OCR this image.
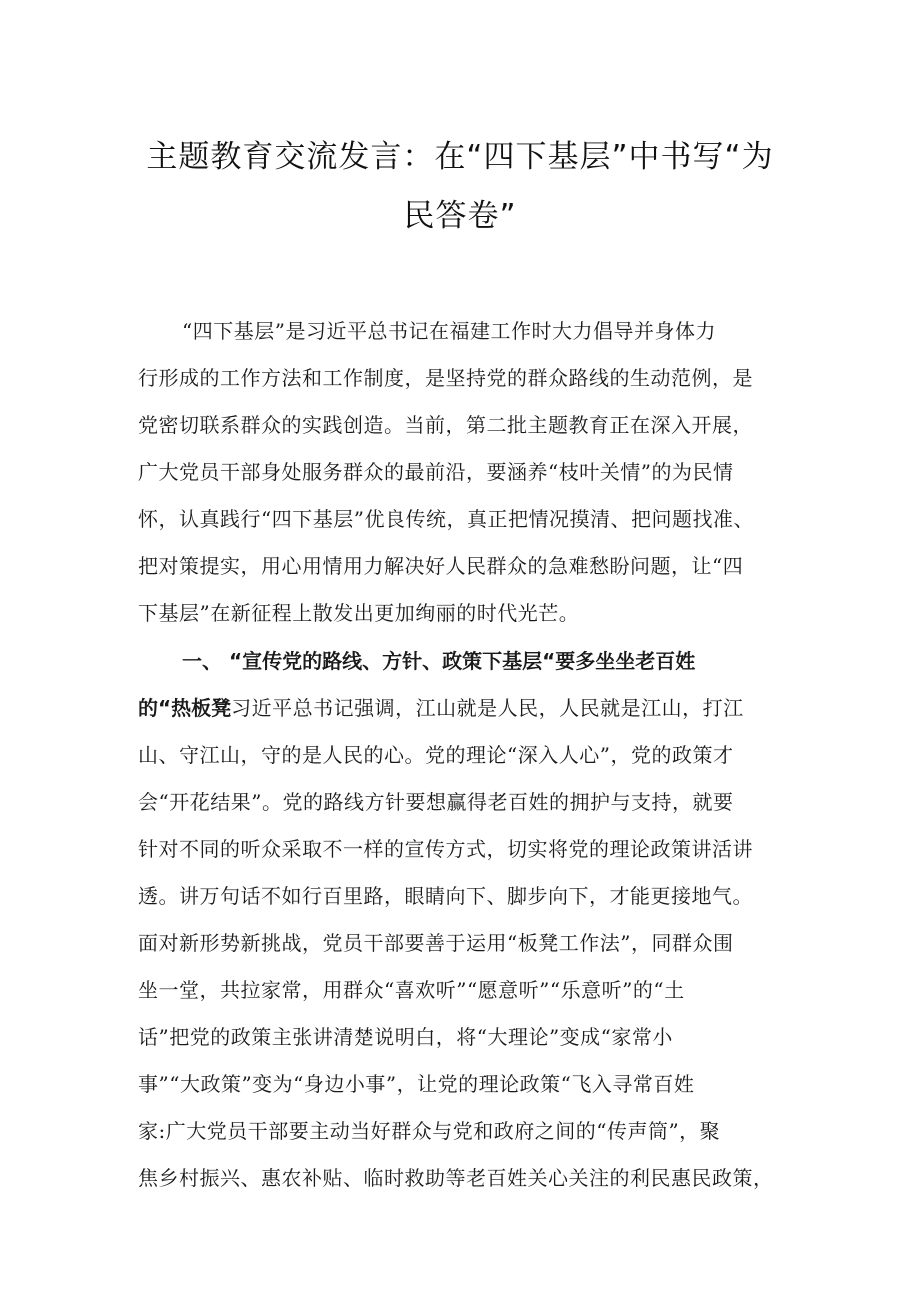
主题教育交流发言：在“四下基层”中书写“为
民答卷”
“四下基层”是习近平总书记在福建工作时大力倡导并身体力
行形成的工作方法和工作制度，是坚持党的群众路线的生动范例，是
党密切联系群众的实践创造。当前，第二批主题教育正在深入开展，
广大党员干部身处服务群众的最前沿，要涵养“枝叶关情”的为民情
怀，认真践行“四下基层”优良传统，真正把情况摸清、把问题找准、
把对策提实，用心用情用力解决好人民群众的急难愁盼问题，让“四
下基层”在新征程上散发出更加绚丽的时代光芒。
一、 “宣传党的路线、方针、政策下基层“要多坐坐老百姓
的“热板凳习近平总书记强调，江山就是人民，人民就是江山，打江
山、守江山，守的是人民的心。党的理论“深入人心”，党的政策才
会“开花结果”。党的路线方针要想赢得老百姓的拥护与支持，就要
针对不同的听众采取不一样的宣传方式，切实将党的理论政策讲活讲
透。讲万句话不如行百里路，眼睛向下、脚步向下，才能更接地气。
面对新形势新挑战，党员干部要善于运用“板凳工作法”，同群众围
坐一堂，共拉家常，用群众“喜欢听”“愿意听”“乐意听”的“土
话”把党的政策主张讲清楚说明白，将“大理论”变成“家常小
事”“大政策”变为“身边小事”，让党的理论政策“飞入寻常百姓
家:广大党员干部要主动当好群众与党和政府之间的“传声筒”，聚
焦乡村振兴、惠农补贴、临时救助等老百姓关心关注的利民惠民政策，
